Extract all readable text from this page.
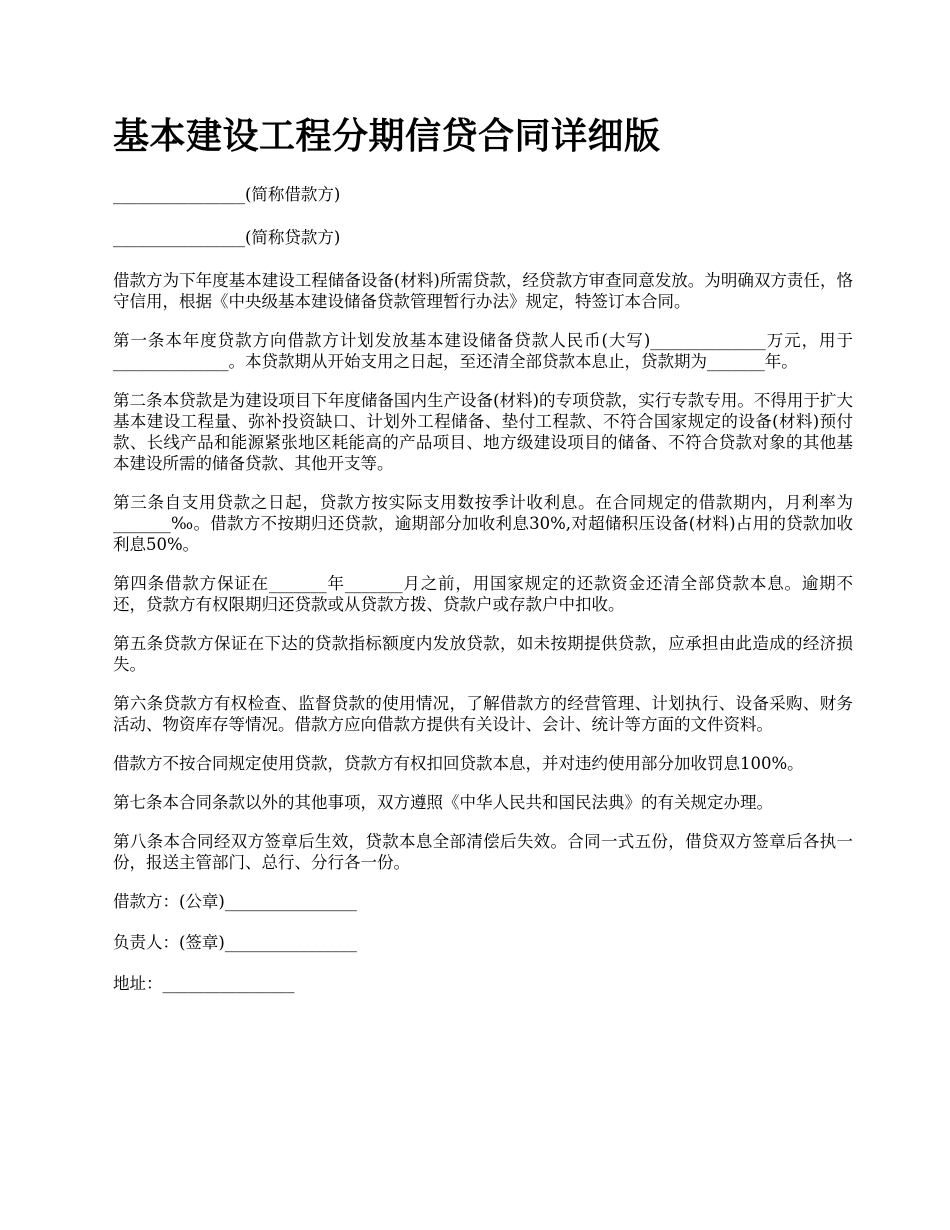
基本建设工程分期信贷合同详细版

________________(简称借款方)

________________(简称贷款方)

借款方为下年度基本建设工程储备设备(材料)所需贷款，经贷款方审查同意发放。为明确双方责任，恪守信用，根据《中央级基本建设储备贷款管理暂行办法》规定，特签订本合同。

第一条本年度贷款方向借款方计划发放基本建设储备贷款人民币(大写)______________万元，用于______________。本贷款期从开始支用之日起，至还清全部贷款本息止，贷款期为_______年。

第二条本贷款是为建设项目下年度储备国内生产设备(材料)的专项贷款，实行专款专用。不得用于扩大基本建设工程量、弥补投资缺口、计划外工程储备、垫付工程款、不符合国家规定的设备(材料)预付款、长线产品和能源紧张地区耗能高的产品项目、地方级建设项目的储备、不符合贷款对象的其他基本建设所需的储备贷款、其他开支等。

第三条自支用贷款之日起，贷款方按实际支用数按季计收利息。在合同规定的借款期内，月利率为_______‰。借款方不按期归还贷款，逾期部分加收利息30%,对超储积压设备(材料)占用的贷款加收利息50%。

第四条借款方保证在_______年_______月之前，用国家规定的还款资金还清全部贷款本息。逾期不还，贷款方有权限期归还贷款或从贷款方拨、贷款户或存款户中扣收。

第五条贷款方保证在下达的贷款指标额度内发放贷款，如未按期提供贷款，应承担由此造成的经济损失。

第六条贷款方有权检查、监督贷款的使用情况，了解借款方的经营管理、计划执行、设备采购、财务活动、物资库存等情况。借款方应向借款方提供有关设计、会计、统计等方面的文件资料。

借款方不按合同规定使用贷款，贷款方有权扣回贷款本息，并对违约使用部分加收罚息100%。

第七条本合同条款以外的其他事项，双方遵照《中华人民共和国民法典》的有关规定办理。

第八条本合同经双方签章后生效，贷款本息全部清偿后失效。合同一式五份，借贷双方签章后各执一份，报送主管部门、总行、分行各一份。

借款方：(公章)________________

负责人：(签章)________________

地址：________________
